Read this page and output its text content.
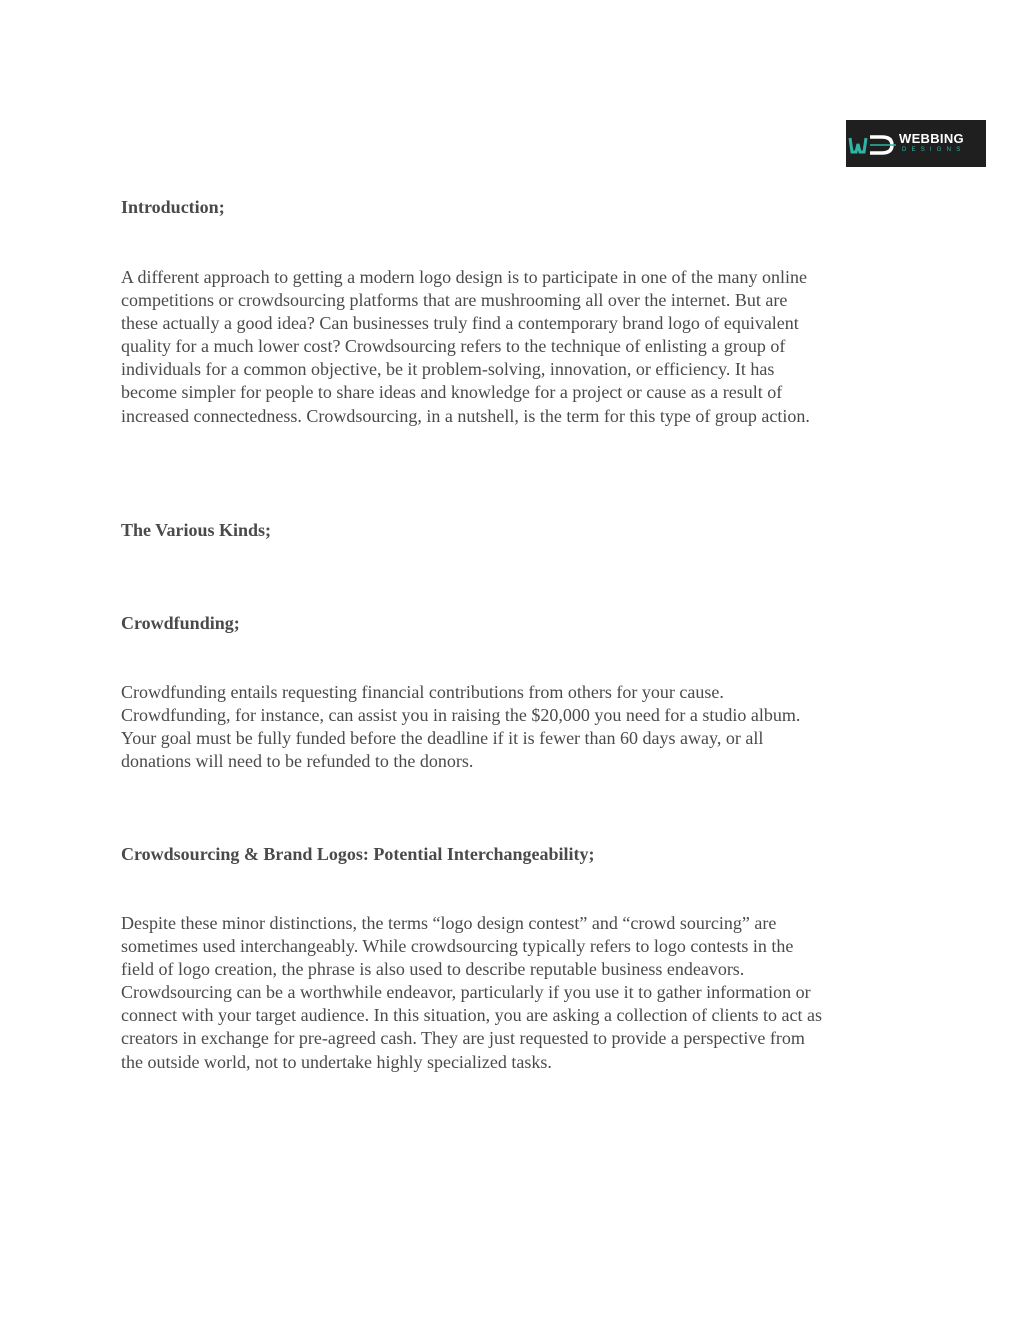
WEBBING
DESIGNS
Introduction;

A different approach to getting a modern logo design is to participate in one of the many online
competitions or crowdsourcing platforms that are mushrooming all over the internet. But are
these actually a good idea? Can businesses truly find a contemporary brand logo of equivalent
quality for a much lower cost? Crowdsourcing refers to the technique of enlisting a group of
individuals for a common objective, be it problem-solving, innovation, or efficiency. It has
become simpler for people to share ideas and knowledge for a project or cause as a result of
increased connectedness. Crowdsourcing, in a nutshell, is the term for this type of group action.

The Various Kinds;
Crowdfunding;

Crowdfunding entails requesting financial contributions from others for your cause.
Crowdfunding, for instance, can assist you in raising the $20,000 you need for a studio album.
Your goal must be fully funded before the deadline if it is fewer than 60 days away, or all
donations will need to be refunded to the donors.

Crowdsourcing & Brand Logos: Potential Interchangeability;

Despite these minor distinctions, the terms “logo design contest” and “crowd sourcing” are
sometimes used interchangeably. While crowdsourcing typically refers to logo contests in the
field of logo creation, the phrase is also used to describe reputable business endeavors.
Crowdsourcing can be a worthwhile endeavor, particularly if you use it to gather information or
connect with your target audience. In this situation, you are asking a collection of clients to act as
creators in exchange for pre-agreed cash. They are just requested to provide a perspective from
the outside world, not to undertake highly specialized tasks.
